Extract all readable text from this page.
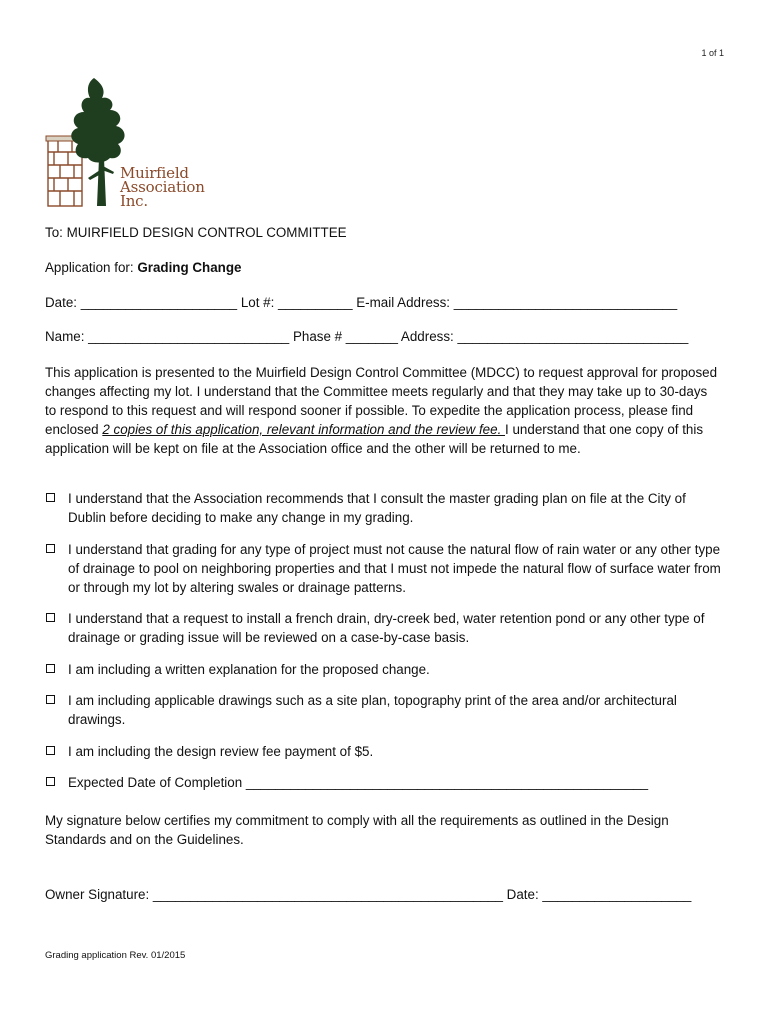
1 of 1
Muirfield
Association
Inc.
To: MUIRFIELD DESIGN CONTROL COMMITTEE
Application for: Grading Change
Date: _____________________ Lot #: __________ E-mail Address: ______________________________
Name: ___________________________ Phase # _______ Address: _______________________________
This application is presented to the Muirfield Design Control Committee (MDCC) to request approval for proposed changes affecting my lot. I understand that the Committee meets regularly and that they may take up to 30-days to respond to this request and will respond sooner if possible. To expedite the application process, please find enclosed 2 copies of this application, relevant information and the review fee. I understand that one copy of this application will be kept on file at the Association office and the other will be returned to me.
I understand that the Association recommends that I consult the master grading plan on file at the City of Dublin before deciding to make any change in my grading.
I understand that grading for any type of project must not cause the natural flow of rain water or any other type of drainage to pool on neighboring properties and that I must not impede the natural flow of surface water from or through my lot by altering swales or drainage patterns.
I understand that a request to install a french drain, dry-creek bed, water retention pond or any other type of drainage or grading issue will be reviewed on a case-by-case basis.
I am including a written explanation for the proposed change.
I am including applicable drawings such as a site plan, topography print of the area and/or architectural drawings.
I am including the design review fee payment of $5.
Expected Date of Completion ______________________________________________________
My signature below certifies my commitment to comply with all the requirements as outlined in the Design Standards and on the Guidelines.
Owner Signature: _______________________________________________ Date: ____________________
Grading application Rev. 01/2015
